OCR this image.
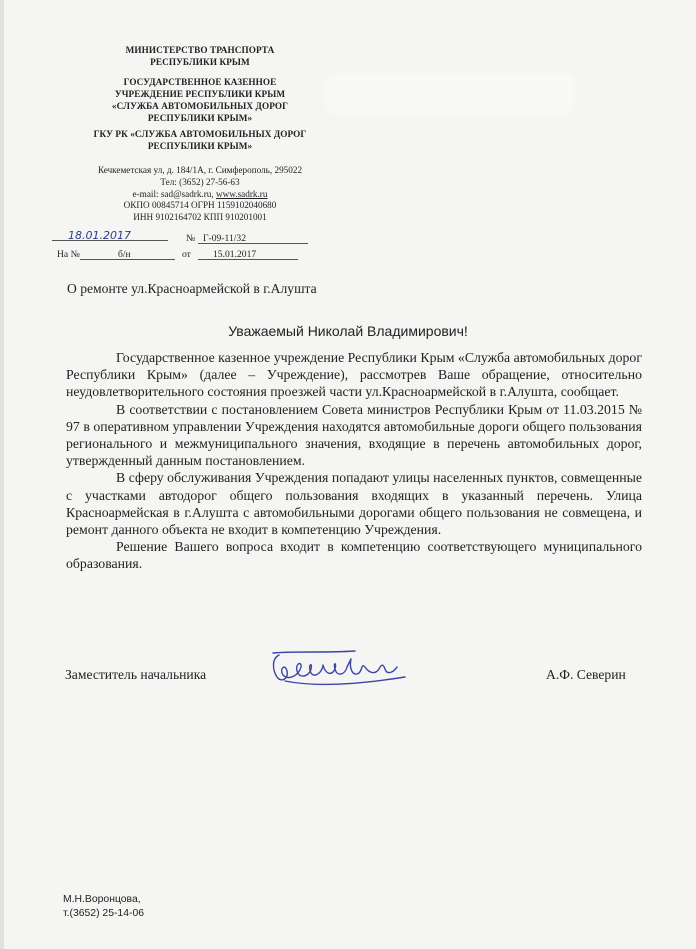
МИНИСТЕРСТВО ТРАНСПОРТА
РЕСПУБЛИКИ КРЫМ
ГОСУДАРСТВЕННОЕ КАЗЕННОЕ
УЧРЕЖДЕНИЕ РЕСПУБЛИКИ КРЫМ
«СЛУЖБА АВТОМОБИЛЬНЫХ ДОРОГ
РЕСПУБЛИКИ КРЫМ»
ГКУ РК «СЛУЖБА АВТОМОБИЛЬНЫХ ДОРОГ
РЕСПУБЛИКИ КРЫМ»
Кечкеметская ул, д. 184/1А, г. Симферополь, 295022
Тел: (3652) 27-56-63
e-mail: sad@sadrk.ru, www.sadrk.ru
ОКПО 00845714 ОГРН 1159102040680
ИНН 9102164702 КПП 910201001
18.01.2017	№ Г-09-11/32
На №	б/н	от 15.01.2017
О ремонте ул.Красноармейской в г.Алушта
Уважаемый Николай Владимирович!

Государственное казенное учреждение Республики Крым «Служба автомобильных дорог Республики Крым» (далее – Учреждение), рассмотрев Ваше обращение, относительно неудовлетворительного состояния проезжей части ул.Красноармейской в г.Алушта, сообщает.

В соответствии с постановлением Совета министров Республики Крым от 11.03.2015 № 97 в оперативном управлении Учреждения находятся автомобильные дороги общего пользования регионального и межмуниципального значения, входящие в перечень автомобильных дорог, утвержденный данным постановлением.

В сферу обслуживания Учреждения попадают улицы населенных пунктов, совмещенные с участками автодорог общего пользования входящих в указанный перечень. Улица Красноармейская в г.Алушта с автомобильными дорогами общего пользования не совмещена, и ремонт данного объекта не входит в компетенцию Учреждения.

Решение Вашего вопроса входит в компетенцию соответствующего муниципального образования.

Заместитель начальника	А.Ф. Северин
М.Н.Воронцова,
т.(3652) 25-14-06
